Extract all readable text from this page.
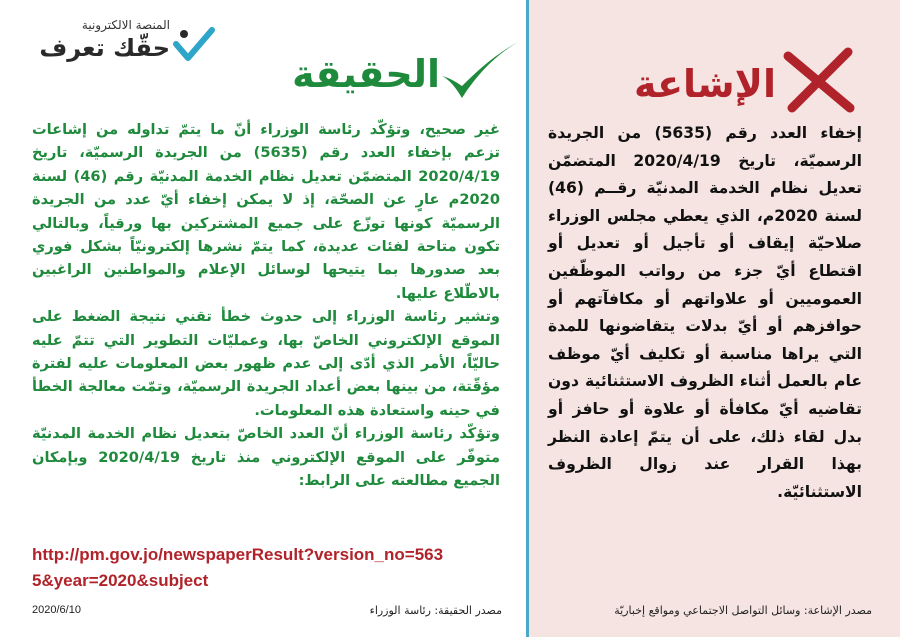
المنصة الالكترونية
حقّك تعرف
الحقيقة

غير صحيح، وتؤكّد رئاسة الوزراء أنّ ما يتمّ تداوله من إشاعات تزعم بإخفاء العدد رقم (5635) من الجريدة الرسميّة، تاريخ 2020/4/19 المتضمّن تعديل نظام الخدمة المدنيّة رقم (46) لسنة 2020م عارٍ عن الصحّة، إذ لا يمكن إخفاء أيّ عدد من الجريدة الرسميّة كونها توزّع على جميع المشتركين بها ورقياً، وبالتالي تكون متاحة لفئات عديدة، كما يتمّ نشرها إلكترونيّاً بشكل فوري بعد صدورها بما يتيحها لوسائل الإعلام والمواطنين الراغبين بالاطّلاع عليها.

وتشير رئاسة الوزراء إلى حدوث خطأ تقني نتيجة الضغط على الموقع الإلكتروني الخاصّ بها، وعمليّات التطوير التي تتمّ عليه حاليّاً، الأمر الذي أدّى إلى عدم ظهور بعض المعلومات عليه لفترة مؤقّتة، من بينها بعض أعداد الجريدة الرسميّة، وتمّت معالجة الخطأ في حينه واستعادة هذه المعلومات.

وتؤكّد رئاسة الوزراء أنّ العدد الخاصّ بتعديل نظام الخدمة المدنيّة متوفّر على الموقع الإلكتروني منذ تاريخ 2020/4/19 وبإمكان الجميع مطالعته على الرابط:

http://pm.gov.jo/newspaperResult?version_no=5635&year=2020&subject
الإشاعة
إخفاء العدد رقم (5635) من الجريدة الرسميّة، تاريخ 2020/4/19 المتضمّن تعديل نظام الخدمة المدنيّة رقــم (46) لسنة 2020م، الذي يعطي مجلس الوزراء صلاحيّة إيقاف أو تأجيل أو تعديل أو اقتطاع أيّ جزء من رواتب الموظّفين العموميين أو علاواتهم أو مكافآتهم أو حوافزهم أو أيّ بدلات يتقاضونها للمدة التي يراها مناسبة أو تكليف أيّ موظف عام بالعمل أثناء الظروف الاستثنائية دون تقاضيه أيّ مكافأة أو علاوة أو حافز أو بدل لقاء ذلك، على أن يتمّ إعادة النظر بهذا القرار عند زوال الظروف الاستثنائيّة.
مصدر الحقيقة: رئاسة الوزراء
2020/6/10	مصدر الإشاعة: وسائل التواصل الاجتماعي ومواقع إخباريّة
